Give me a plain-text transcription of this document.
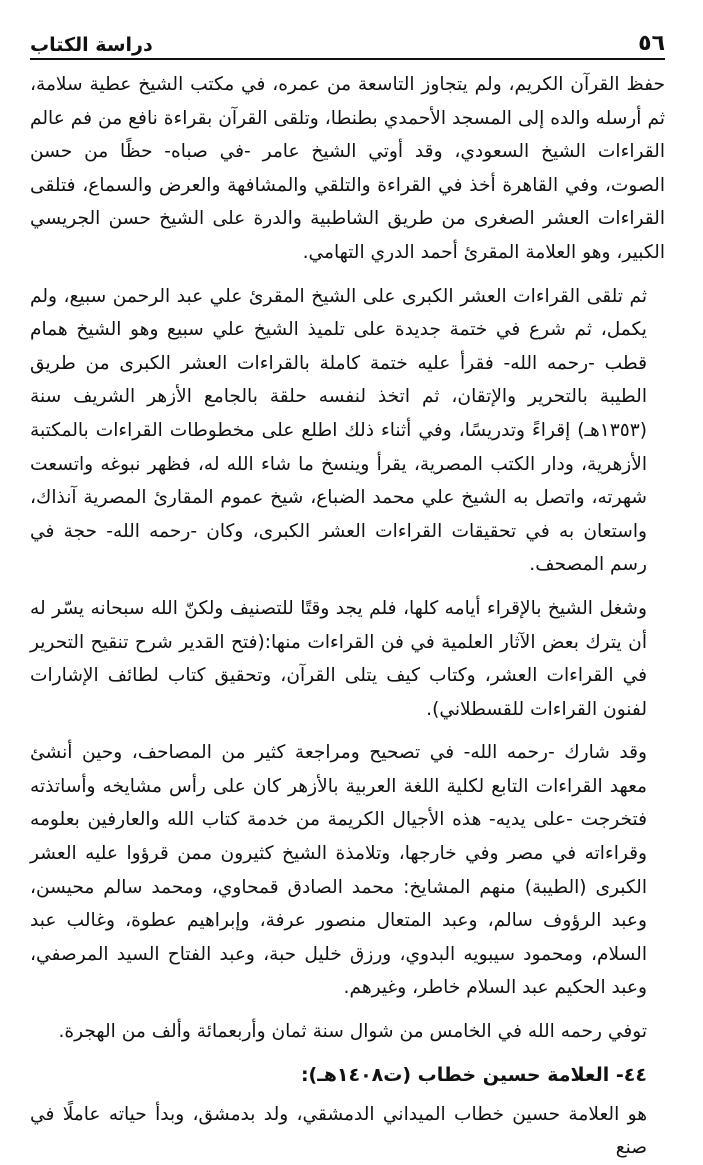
٥٦
دراسة الكتاب

حفظ القرآن الكريم، ولم يتجاوز التاسعة من عمره، في مكتب الشيخ عطية سلامة، ثم أرسله والده إلى المسجد الأحمدي بطنطا، وتلقى القرآن بقراءة نافع من فم عالم القراءات الشيخ السعودي، وقد أوتي الشيخ عامر -في صباه- حظًا من حسن الصوت، وفي القاهرة أخذ في القراءة والتلقي والمشافهة والعرض والسماع، فتلقى القراءات العشر الصغرى من طريق الشاطبية والدرة على الشيخ حسن الجريسي الكبير، وهو العلامة المقرئ أحمد الدري التهامي.

ثم تلقى القراءات العشر الكبرى على الشيخ المقرئ علي عبد الرحمن سبيع، ولم يكمل، ثم شرع في ختمة جديدة على تلميذ الشيخ علي سبيع وهو الشيخ همام قطب -رحمه الله- فقرأ عليه ختمة كاملة بالقراءات العشر الكبرى من طريق الطيبة بالتحرير والإتقان، ثم اتخذ لنفسه حلقة بالجامع الأزهر الشريف سنة (١٣٥٣هـ) إقراءً وتدريسًا، وفي أثناء ذلك اطلع على مخطوطات القراءات بالمكتبة الأزهرية، ودار الكتب المصرية، يقرأ وينسخ ما شاء الله له، فظهر نبوغه واتسعت شهرته، واتصل به الشيخ علي محمد الضباع، شيخ عموم المقارئ المصرية آنذاك، واستعان به في تحقيقات القراءات العشر الكبرى، وكان -رحمه الله- حجة في رسم المصحف.

وشغل الشيخ بالإقراء أيامه كلها، فلم يجد وقتًا للتصنيف ولكنّ الله سبحانه يسّر له أن يترك بعض الآثار العلمية في فن القراءات منها:(فتح القدير شرح تنقيح التحرير في القراءات العشر، وكتاب كيف يتلى القرآن، وتحقيق كتاب لطائف الإشارات لفنون القراءات للقسطلاني).

وقد شارك -رحمه الله- في تصحيح ومراجعة كثير من المصاحف، وحين أنشئ معهد القراءات التابع لكلية اللغة العربية بالأزهر كان على رأس مشايخه وأساتذته فتخرجت -على يديه- هذه الأجيال الكريمة من خدمة كتاب الله والعارفين بعلومه وقراءاته في مصر وفي خارجها، وتلامذة الشيخ كثيرون ممن قرؤوا عليه العشر الكبرى (الطيبة) منهم المشايخ: محمد الصادق قمحاوي، ومحمد سالم محيسن، وعبد الرؤوف سالم، وعبد المتعال منصور عرفة، وإبراهيم عطوة، وغالب عبد السلام، ومحمود سيبويه البدوي، ورزق خليل حبة، وعبد الفتاح السيد المرصفي، وعبد الحكيم عبد السلام خاطر، وغيرهم.

توفي رحمه الله في الخامس من شوال سنة ثمان وأربعمائة وألف من الهجرة.

٤٤- العلامة حسين خطاب (ت١٤٠٨هـ):

هو العلامة حسين خطاب الميداني الدمشقي، ولد بدمشق، وبدأ حياته عاملًا في صنع
